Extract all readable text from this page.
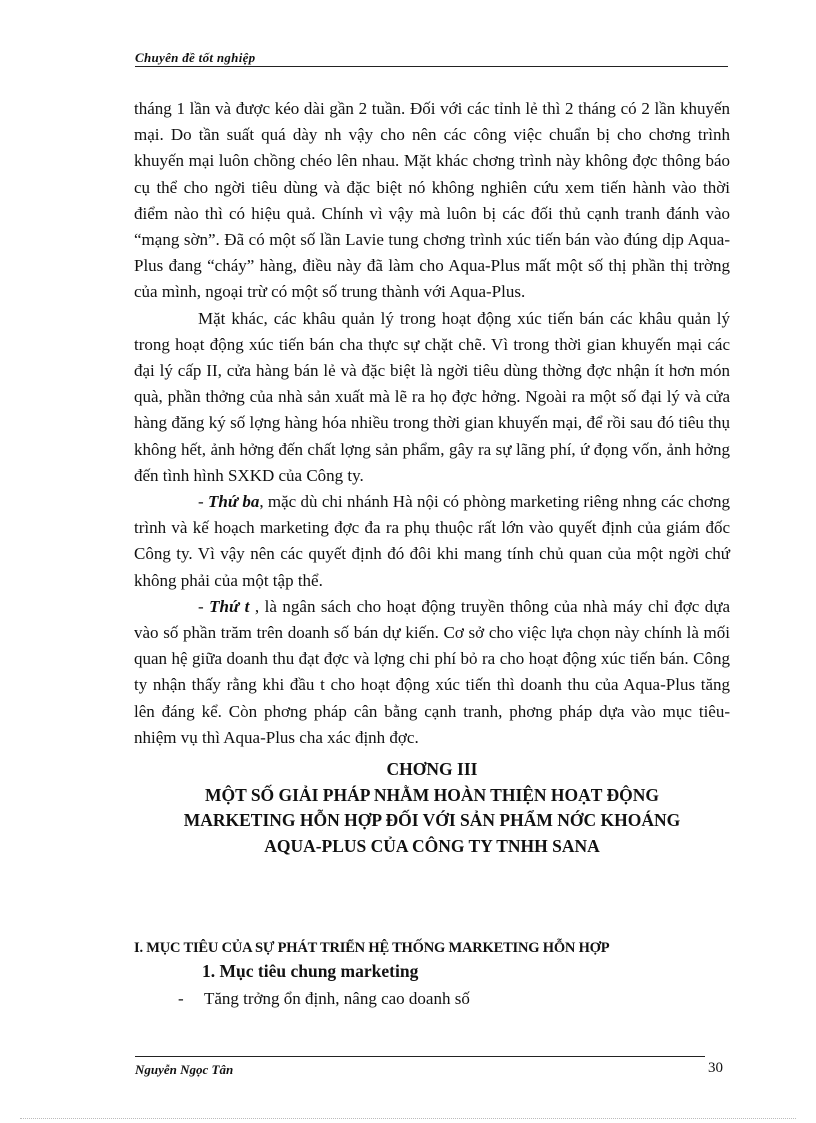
Chuyên đề tốt nghiệp

tháng 1 lần và được kéo dài gần 2 tuần. Đối với các tỉnh lẻ thì 2 tháng có 2 lần khuyến mại. Do tần suất quá dày nh vậy cho nên các công việc chuẩn bị cho chơng trình khuyến mại luôn chồng chéo lên nhau. Mặt khác chơng trình này không đợc thông báo cụ thể cho ngời tiêu dùng và đặc biệt nó không nghiên cứu xem tiến hành vào thời điểm nào thì có hiệu quả. Chính vì vậy mà luôn bị các đối thủ cạnh tranh đánh vào “mạng sờn”. Đã có một số lần Lavie tung chơng trình xúc tiến bán vào đúng dịp Aqua-Plus đang “cháy” hàng, điều này đã làm cho Aqua-Plus mất một số thị phần thị trờng của mình, ngoại trừ có một số trung thành với Aqua-Plus.

Mặt khác, các khâu quản lý trong hoạt động xúc tiến bán các khâu quản lý trong hoạt động xúc tiến bán cha thực sự chặt chẽ. Vì trong thời gian khuyến mại các đại lý cấp II, cửa hàng bán lẻ và đặc biệt là ngời tiêu dùng thờng đợc nhận ít hơn món quà, phần thởng của nhà sản xuất mà lẽ ra họ đợc hởng. Ngoài ra một số đại lý và cửa hàng đăng ký số lợng hàng hóa nhiều trong thời gian khuyến mại, để rồi sau đó tiêu thụ không hết, ảnh hởng đến chất lợng sản phẩm, gây ra sự lãng phí, ứ đọng vốn, ảnh hởng đến tình hình SXKD của Công ty.

- Thứ ba, mặc dù chi nhánh Hà nội có phòng marketing riêng nhng các chơng trình và kế hoạch marketing đợc đa ra phụ thuộc rất lớn vào quyết định của giám đốc Công ty. Vì vậy nên các quyết định đó đôi khi mang tính chủ quan của một ngời chứ không phải của một tập thể.

- Thứ t , là ngân sách cho hoạt động truyền thông của nhà máy chỉ đợc dựa vào số phần trăm trên doanh số bán dự kiến. Cơ sở cho việc lựa chọn này chính là mối quan hệ giữa doanh thu đạt đợc và lợng chi phí bỏ ra cho hoạt động xúc tiến bán. Công ty nhận thấy rằng khi đầu t cho hoạt động xúc tiến thì doanh thu của Aqua-Plus tăng lên đáng kể. Còn phơng pháp cân bằng cạnh tranh, phơng pháp dựa vào mục tiêu- nhiệm vụ thì Aqua-Plus cha xác định đợc.

CHƠNG III
MỘT SỐ GIẢI PHÁP NHẰM HOÀN THIỆN HOẠT ĐỘNG
MARKETING HỖN HỢP ĐỐI VỚI SẢN PHẨM NỚC KHOÁNG
AQUA-PLUS CỦA CÔNG TY TNHH SANA
I. MỤC TIÊU CỦA SỰ PHÁT TRIỂN HỆ THỐNG MARKETING HỖN HỢP
1. Mục tiêu chung marketing
- Tăng trởng ổn định, nâng cao doanh số
Nguyễn Ngọc Tân	30
